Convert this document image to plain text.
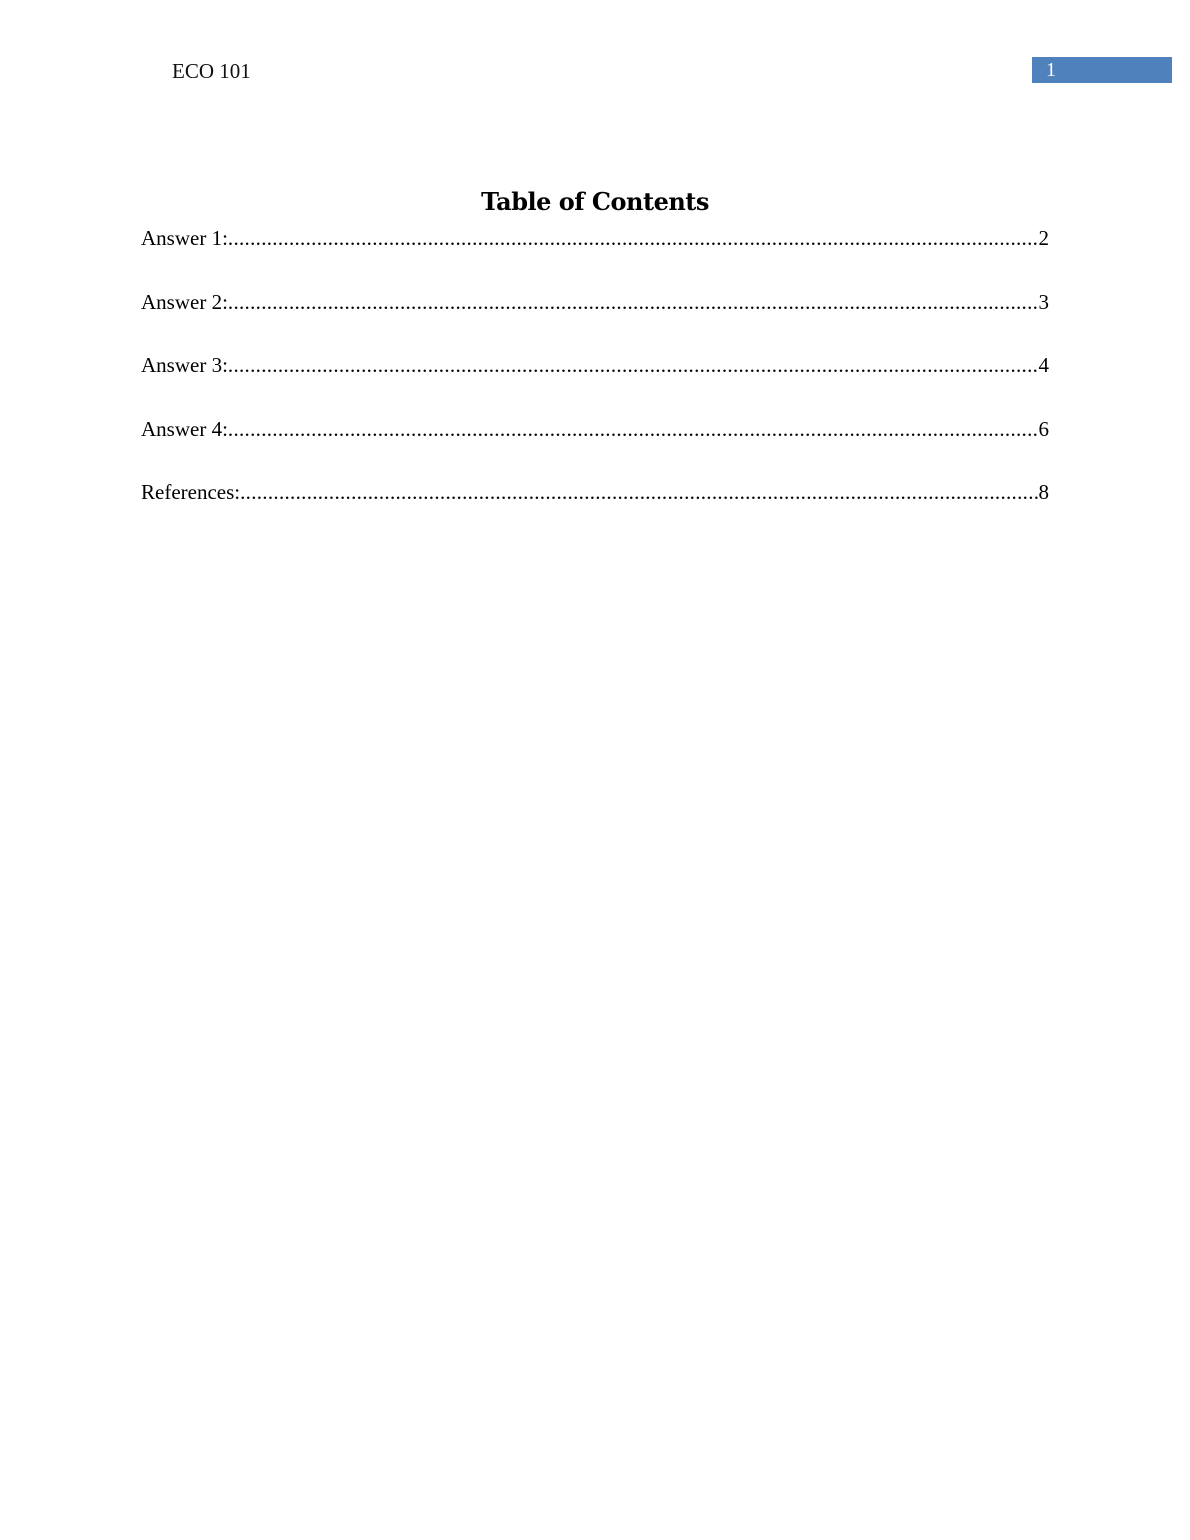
ECO 101	1
Table of Contents
Answer 1: .....	2
Answer 2: .....	3
Answer 3: .....	4
Answer 4: .....	6
References: .....	8
